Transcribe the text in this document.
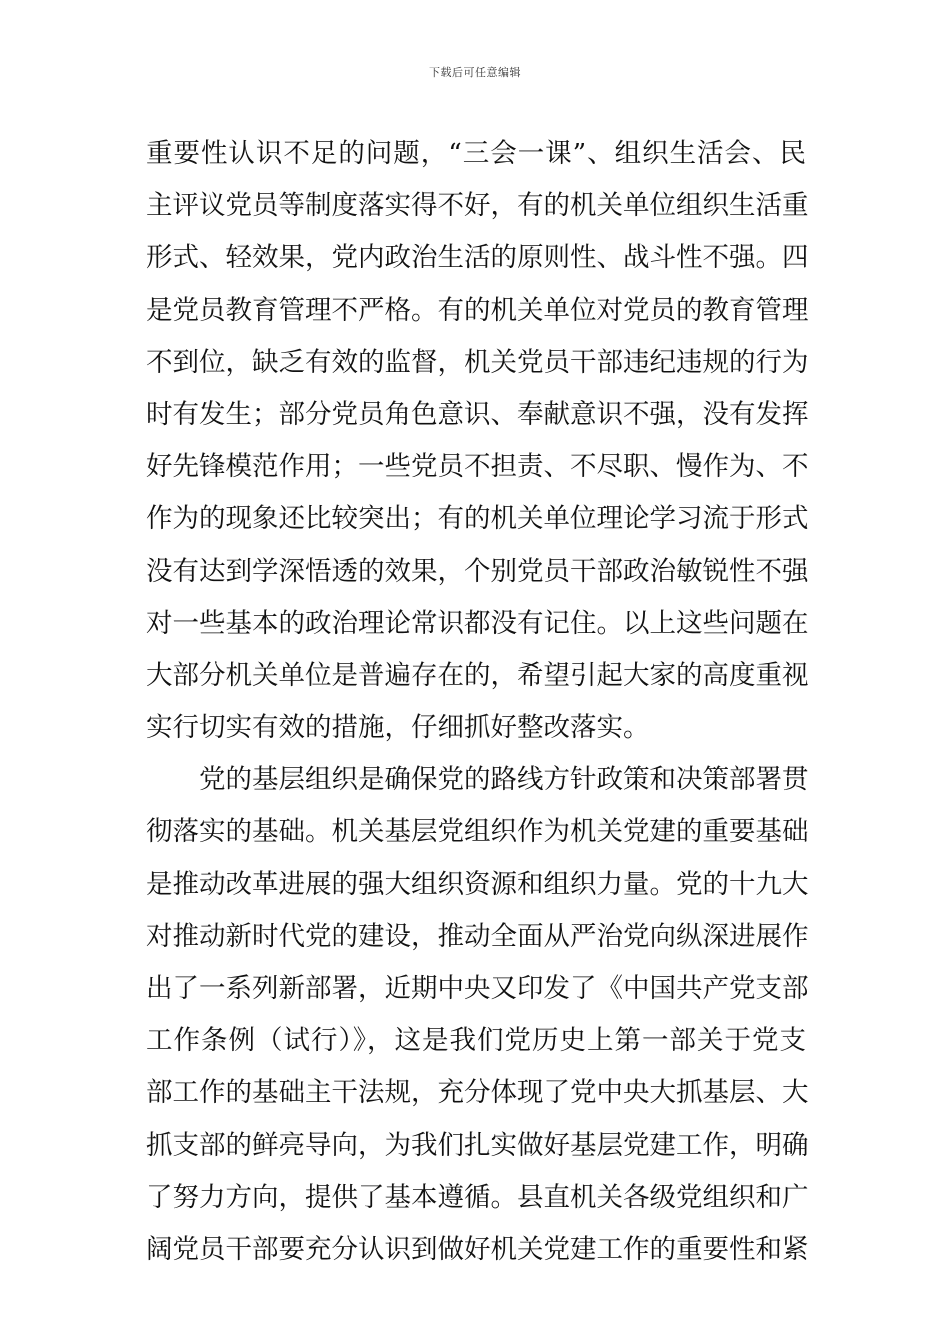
下载后可任意编辑
重要性认识不足的问题，“三会一课”、组织生活会、民
主评议党员等制度落实得不好，有的机关单位组织生活重
形式、轻效果，党内政治生活的原则性、战斗性不强。四
是党员教育管理不严格。有的机关单位对党员的教育管理
不到位，缺乏有效的监督，机关党员干部违纪违规的行为
时有发生；部分党员角色意识、奉献意识不强，没有发挥
好先锋模范作用；一些党员不担责、不尽职、慢作为、不
作为的现象还比较突出；有的机关单位理论学习流于形式
没有达到学深悟透的效果，个别党员干部政治敏锐性不强
对一些基本的政治理论常识都没有记住。以上这些问题在
大部分机关单位是普遍存在的，希望引起大家的高度重视
实行切实有效的措施，仔细抓好整改落实。
党的基层组织是确保党的路线方针政策和决策部署贯
彻落实的基础。机关基层党组织作为机关党建的重要基础
是推动改革进展的强大组织资源和组织力量。党的十九大
对推动新时代党的建设，推动全面从严治党向纵深进展作
出了一系列新部署，近期中央又印发了《中国共产党支部
工作条例（试行）》，这是我们党历史上第一部关于党支
部工作的基础主干法规，充分体现了党中央大抓基层、大
抓支部的鲜亮导向，为我们扎实做好基层党建工作，明确
了努力方向，提供了基本遵循。县直机关各级党组织和广
阔党员干部要充分认识到做好机关党建工作的重要性和紧
